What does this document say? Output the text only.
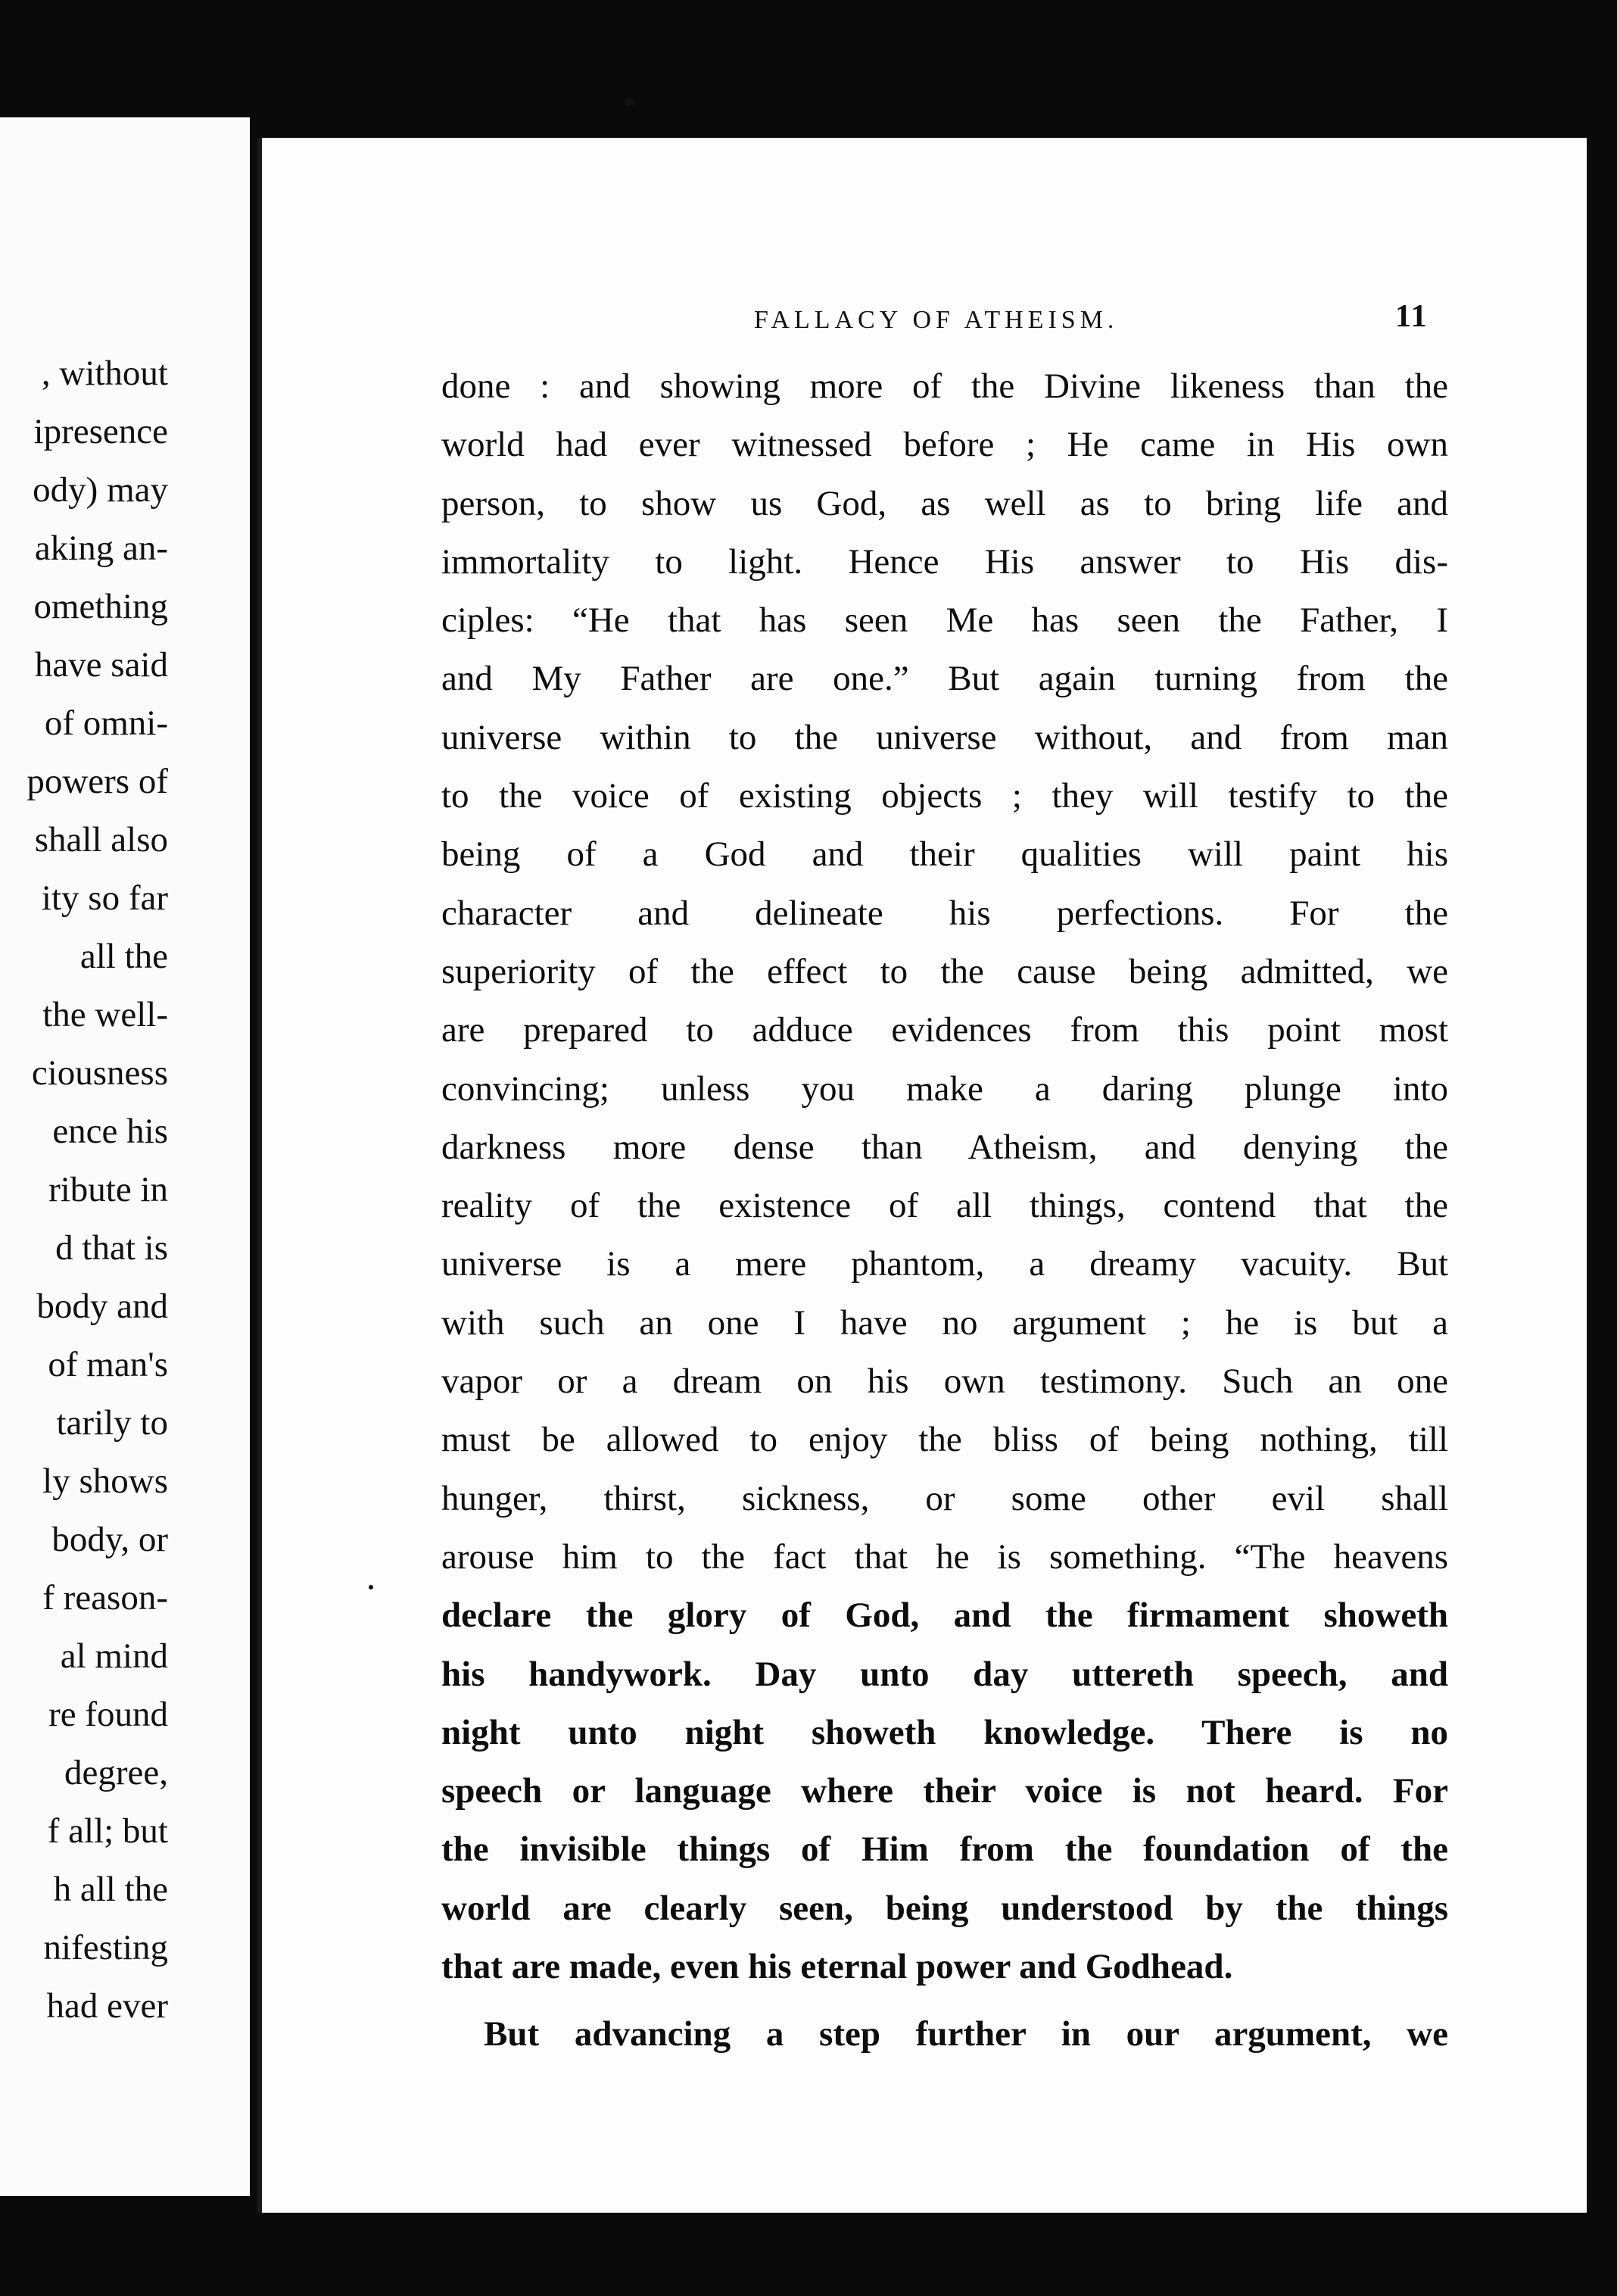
, without
ipresence
ody) may
aking an-
omething
have said
of omni-
powers of
shall also
ity so far
all the
the well-
ciousness
ence his
ribute in
d that is
body and
of man's
tarily to
ly shows
body, or
f reason-
al mind
re found
degree,
f all; but
h all the
nifesting
had ever
FALLACY OF ATHEISM.	11
done : and showing more of the Divine likeness than the
world had ever witnessed before ; He came in His own
person, to show us God, as well as to bring life and
immortality to light. Hence His answer to His dis-
ciples: “He that has seen Me has seen the Father, I
and My Father are one.” But again turning from the
universe within to the universe without, and from man
to the voice of existing objects ; they will testify to the
being of a God and their qualities will paint his
character and delineate his perfections. For the
superiority of the effect to the cause being admitted, we
are prepared to adduce evidences from this point most
convincing; unless you make a daring plunge into
darkness more dense than Atheism, and denying the
reality of the existence of all things, contend that the
universe is a mere phantom, a dreamy vacuity. But
with such an one I have no argument ; he is but a
vapor or a dream on his own testimony. Such an one
must be allowed to enjoy the bliss of being nothing, till
hunger, thirst, sickness, or some other evil shall
arouse him to the fact that he is something. “The heavens
declare the glory of God, and the firmament showeth
his handywork. Day unto day uttereth speech, and
night unto night showeth knowledge. There is no
speech or language where their voice is not heard. For
the invisible things of Him from the foundation of the
world are clearly seen, being understood by the things
that are made, even his eternal power and Godhead.
But advancing a step further in our argument, we
